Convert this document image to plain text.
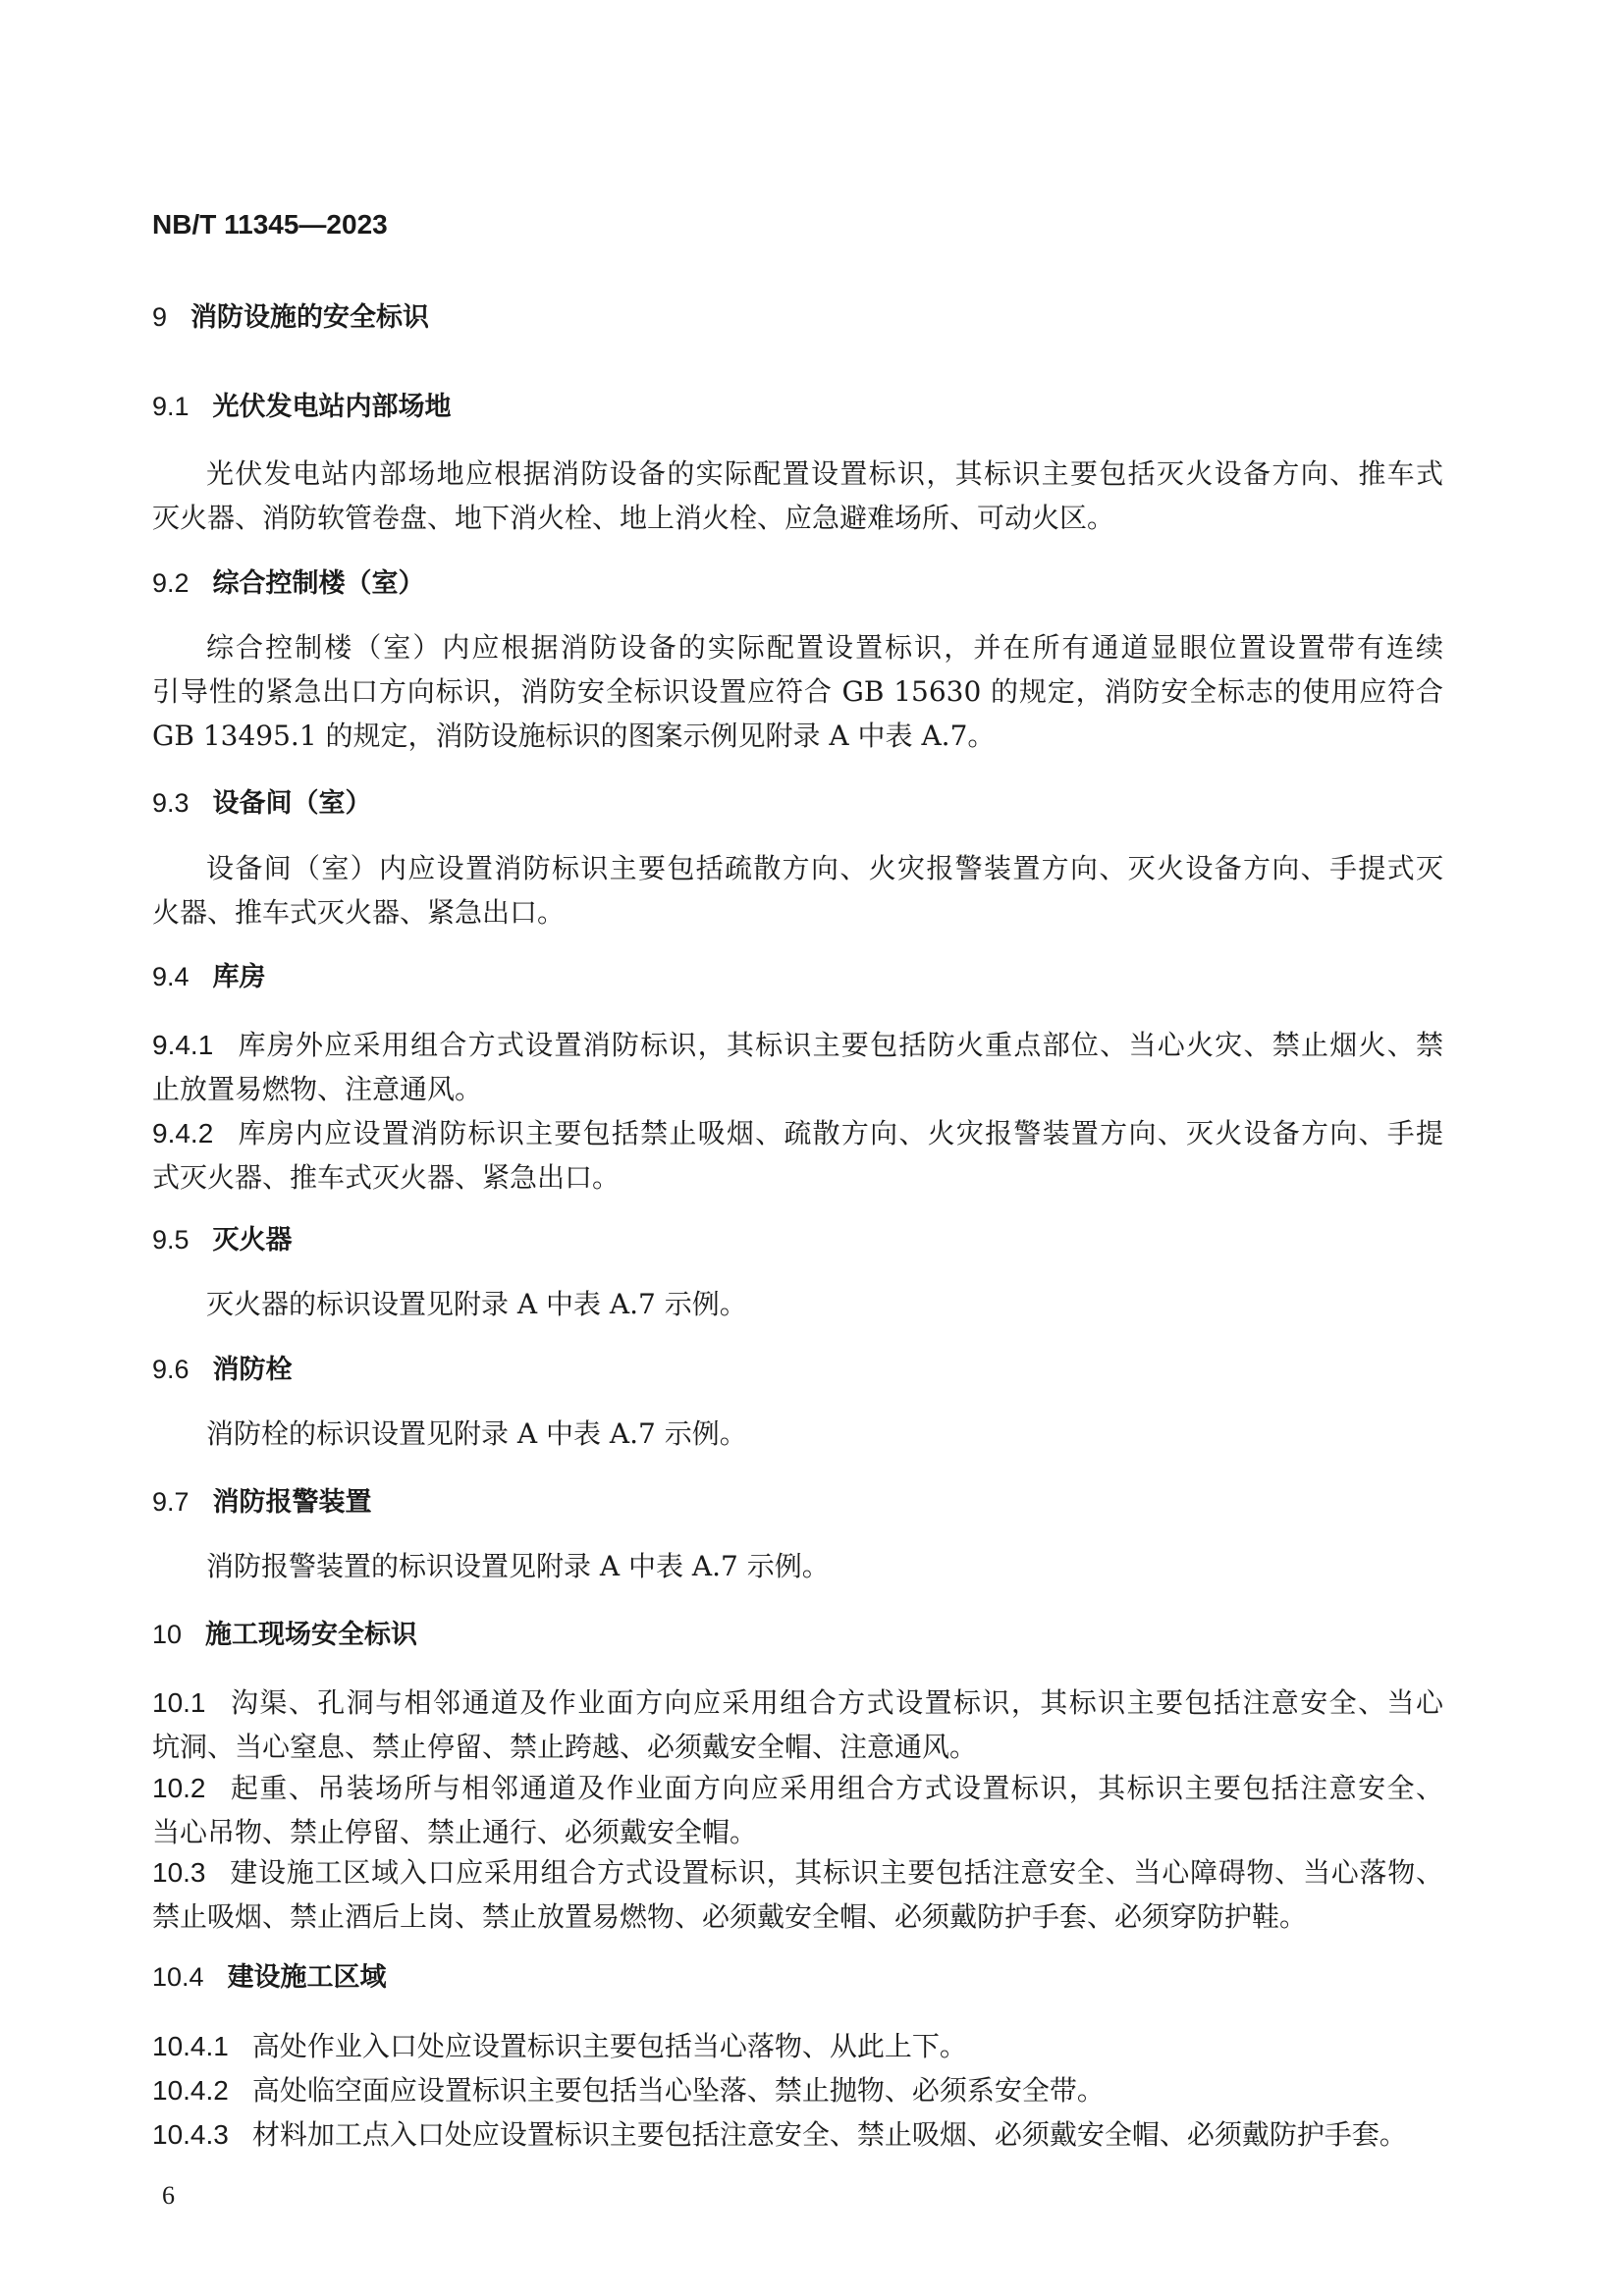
NB/T 11345—2023
9 消防设施的安全标识
9.1 光伏发电站内部场地
光伏发电站内部场地应根据消防设备的实际配置设置标识，其标识主要包括灭火设备方向、推车式
灭火器、消防软管卷盘、地下消火栓、地上消火栓、应急避难场所、可动火区。
9.2 综合控制楼（室）
综合控制楼（室）内应根据消防设备的实际配置设置标识，并在所有通道显眼位置设置带有连续
引导性的紧急出口方向标识，消防安全标识设置应符合 GB 15630 的规定，消防安全标志的使用应符合
GB 13495.1 的规定，消防设施标识的图案示例见附录 A 中表 A.7。
9.3 设备间（室）
设备间（室）内应设置消防标识主要包括疏散方向、火灾报警装置方向、灭火设备方向、手提式灭
火器、推车式灭火器、紧急出口。
9.4 库房
9.4.1 库房外应采用组合方式设置消防标识，其标识主要包括防火重点部位、当心火灾、禁止烟火、禁
止放置易燃物、注意通风。
9.4.2 库房内应设置消防标识主要包括禁止吸烟、疏散方向、火灾报警装置方向、灭火设备方向、手提
式灭火器、推车式灭火器、紧急出口。
9.5 灭火器
灭火器的标识设置见附录 A 中表 A.7 示例。
9.6 消防栓
消防栓的标识设置见附录 A 中表 A.7 示例。
9.7 消防报警装置
消防报警装置的标识设置见附录 A 中表 A.7 示例。
10 施工现场安全标识
10.1 沟渠、孔洞与相邻通道及作业面方向应采用组合方式设置标识，其标识主要包括注意安全、当心
坑洞、当心窒息、禁止停留、禁止跨越、必须戴安全帽、注意通风。
10.2 起重、吊装场所与相邻通道及作业面方向应采用组合方式设置标识，其标识主要包括注意安全、
当心吊物、禁止停留、禁止通行、必须戴安全帽。
10.3 建设施工区域入口应采用组合方式设置标识，其标识主要包括注意安全、当心障碍物、当心落物、
禁止吸烟、禁止酒后上岗、禁止放置易燃物、必须戴安全帽、必须戴防护手套、必须穿防护鞋。
10.4 建设施工区域
10.4.1 高处作业入口处应设置标识主要包括当心落物、从此上下。
10.4.2 高处临空面应设置标识主要包括当心坠落、禁止抛物、必须系安全带。
10.4.3 材料加工点入口处应设置标识主要包括注意安全、禁止吸烟、必须戴安全帽、必须戴防护手套。
6
